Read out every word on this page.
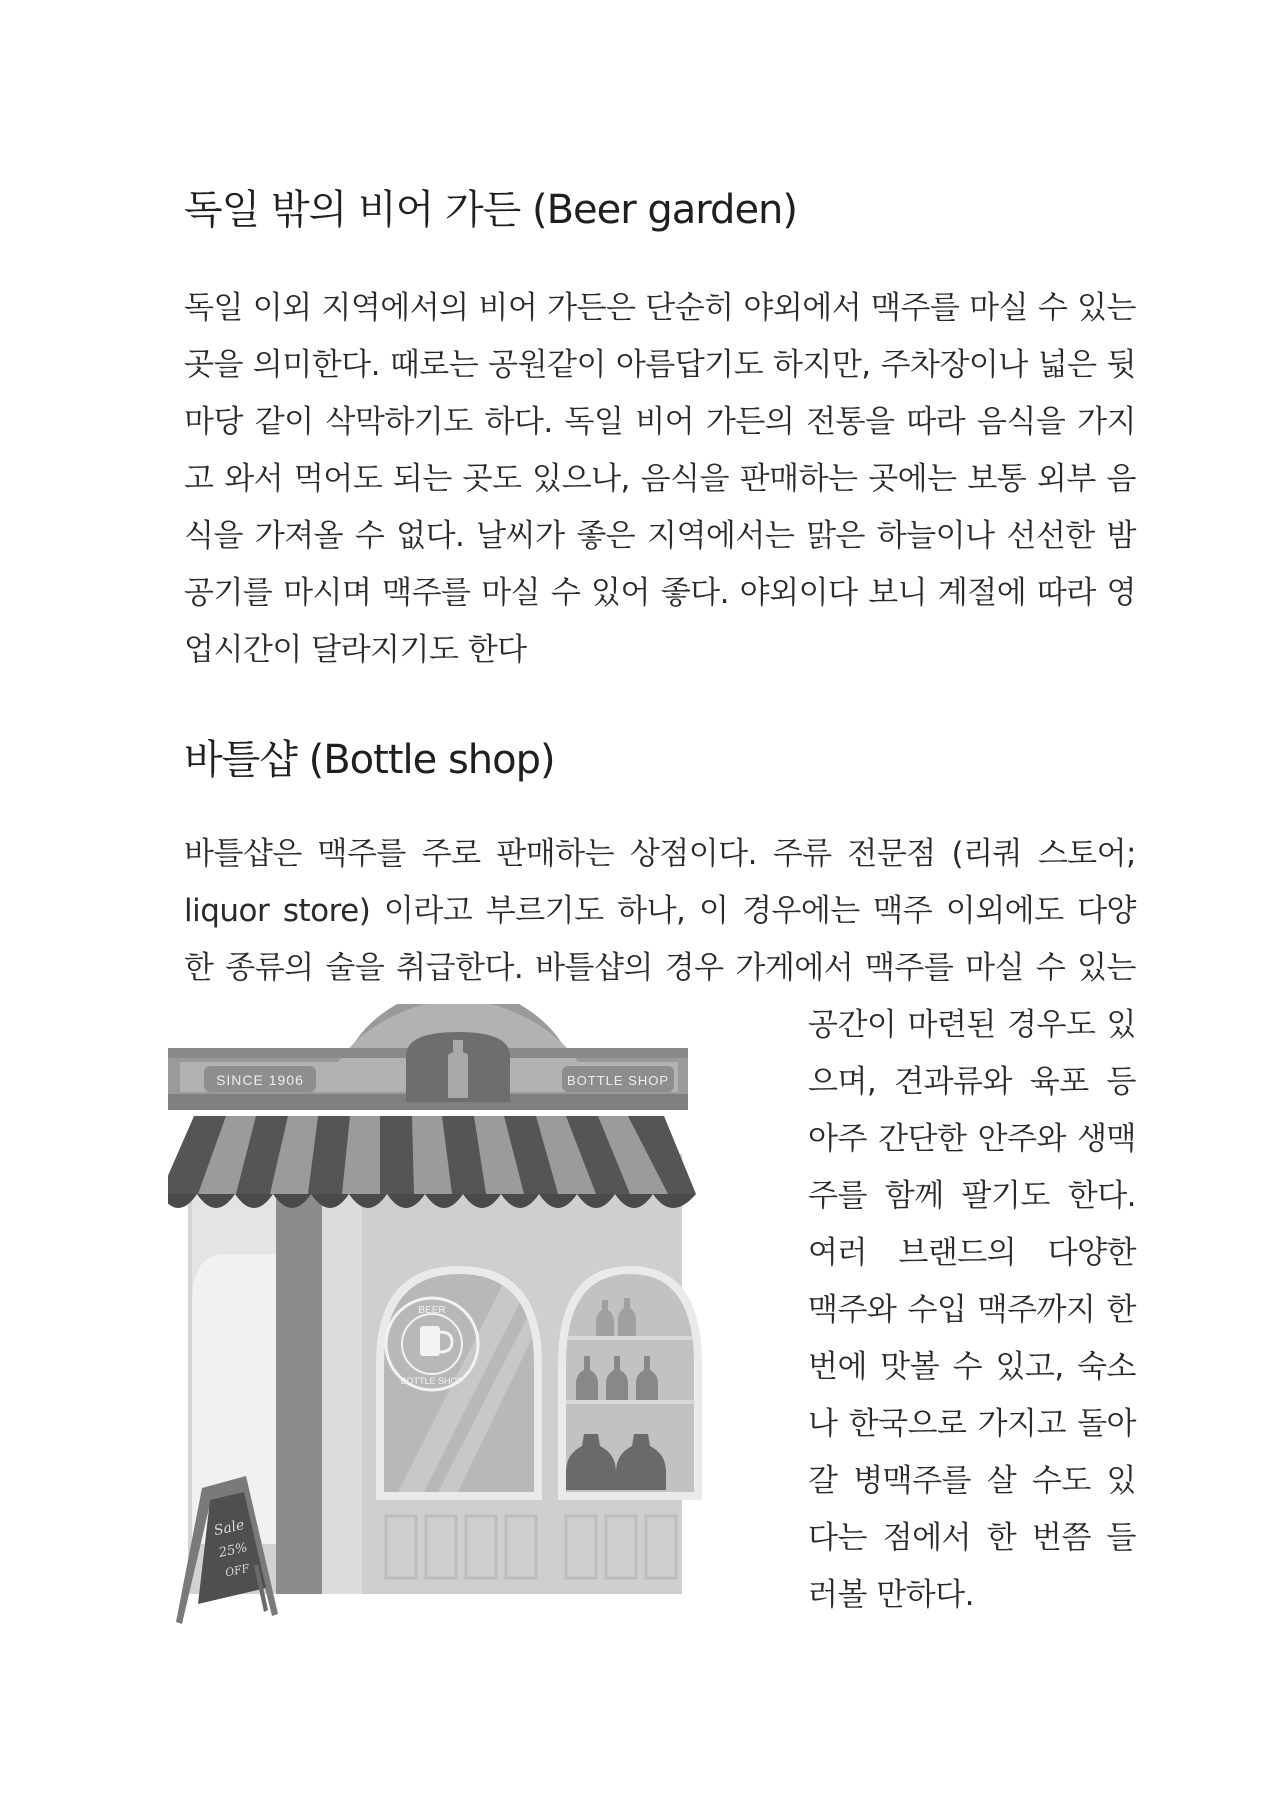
독일 밖의 비어 가든 (Beer garden)
독일 이외 지역에서의 비어 가든은 단순히 야외에서 맥주를 마실 수 있는
곳을 의미한다. 때로는 공원같이 아름답기도 하지만, 주차장이나 넓은 뒷
마당 같이 삭막하기도 하다. 독일 비어 가든의 전통을 따라 음식을 가지
고 와서 먹어도 되는 곳도 있으나, 음식을 판매하는 곳에는 보통 외부 음
식을 가져올 수 없다. 날씨가 좋은 지역에서는 맑은 하늘이나 선선한 밤
공기를 마시며 맥주를 마실 수 있어 좋다. 야외이다 보니 계절에 따라 영
업시간이 달라지기도 한다
바틀샵 (Bottle shop)
바틀샵은 맥주를 주로 판매하는 상점이다. 주류 전문점 (리쿼 스토어;
liquor store) 이라고 부르기도 하나, 이 경우에는 맥주 이외에도 다양
한 종류의 술을 취급한다. 바틀샵의 경우 가게에서 맥주를 마실 수 있는
공간이 마련된 경우도 있
으며, 견과류와 육포 등
아주 간단한 안주와 생맥
주를 함께 팔기도 한다.
여러 브랜드의 다양한
맥주와 수입 맥주까지 한
번에 맛볼 수 있고, 숙소
나 한국으로 가지고 돌아
갈 병맥주를 살 수도 있
다는 점에서 한 번쯤 들
러볼 만하다.
SINCE 1906	BOTTLE SHOP
BEER
BOTTLE SHOP
Sale
25%
OFF
